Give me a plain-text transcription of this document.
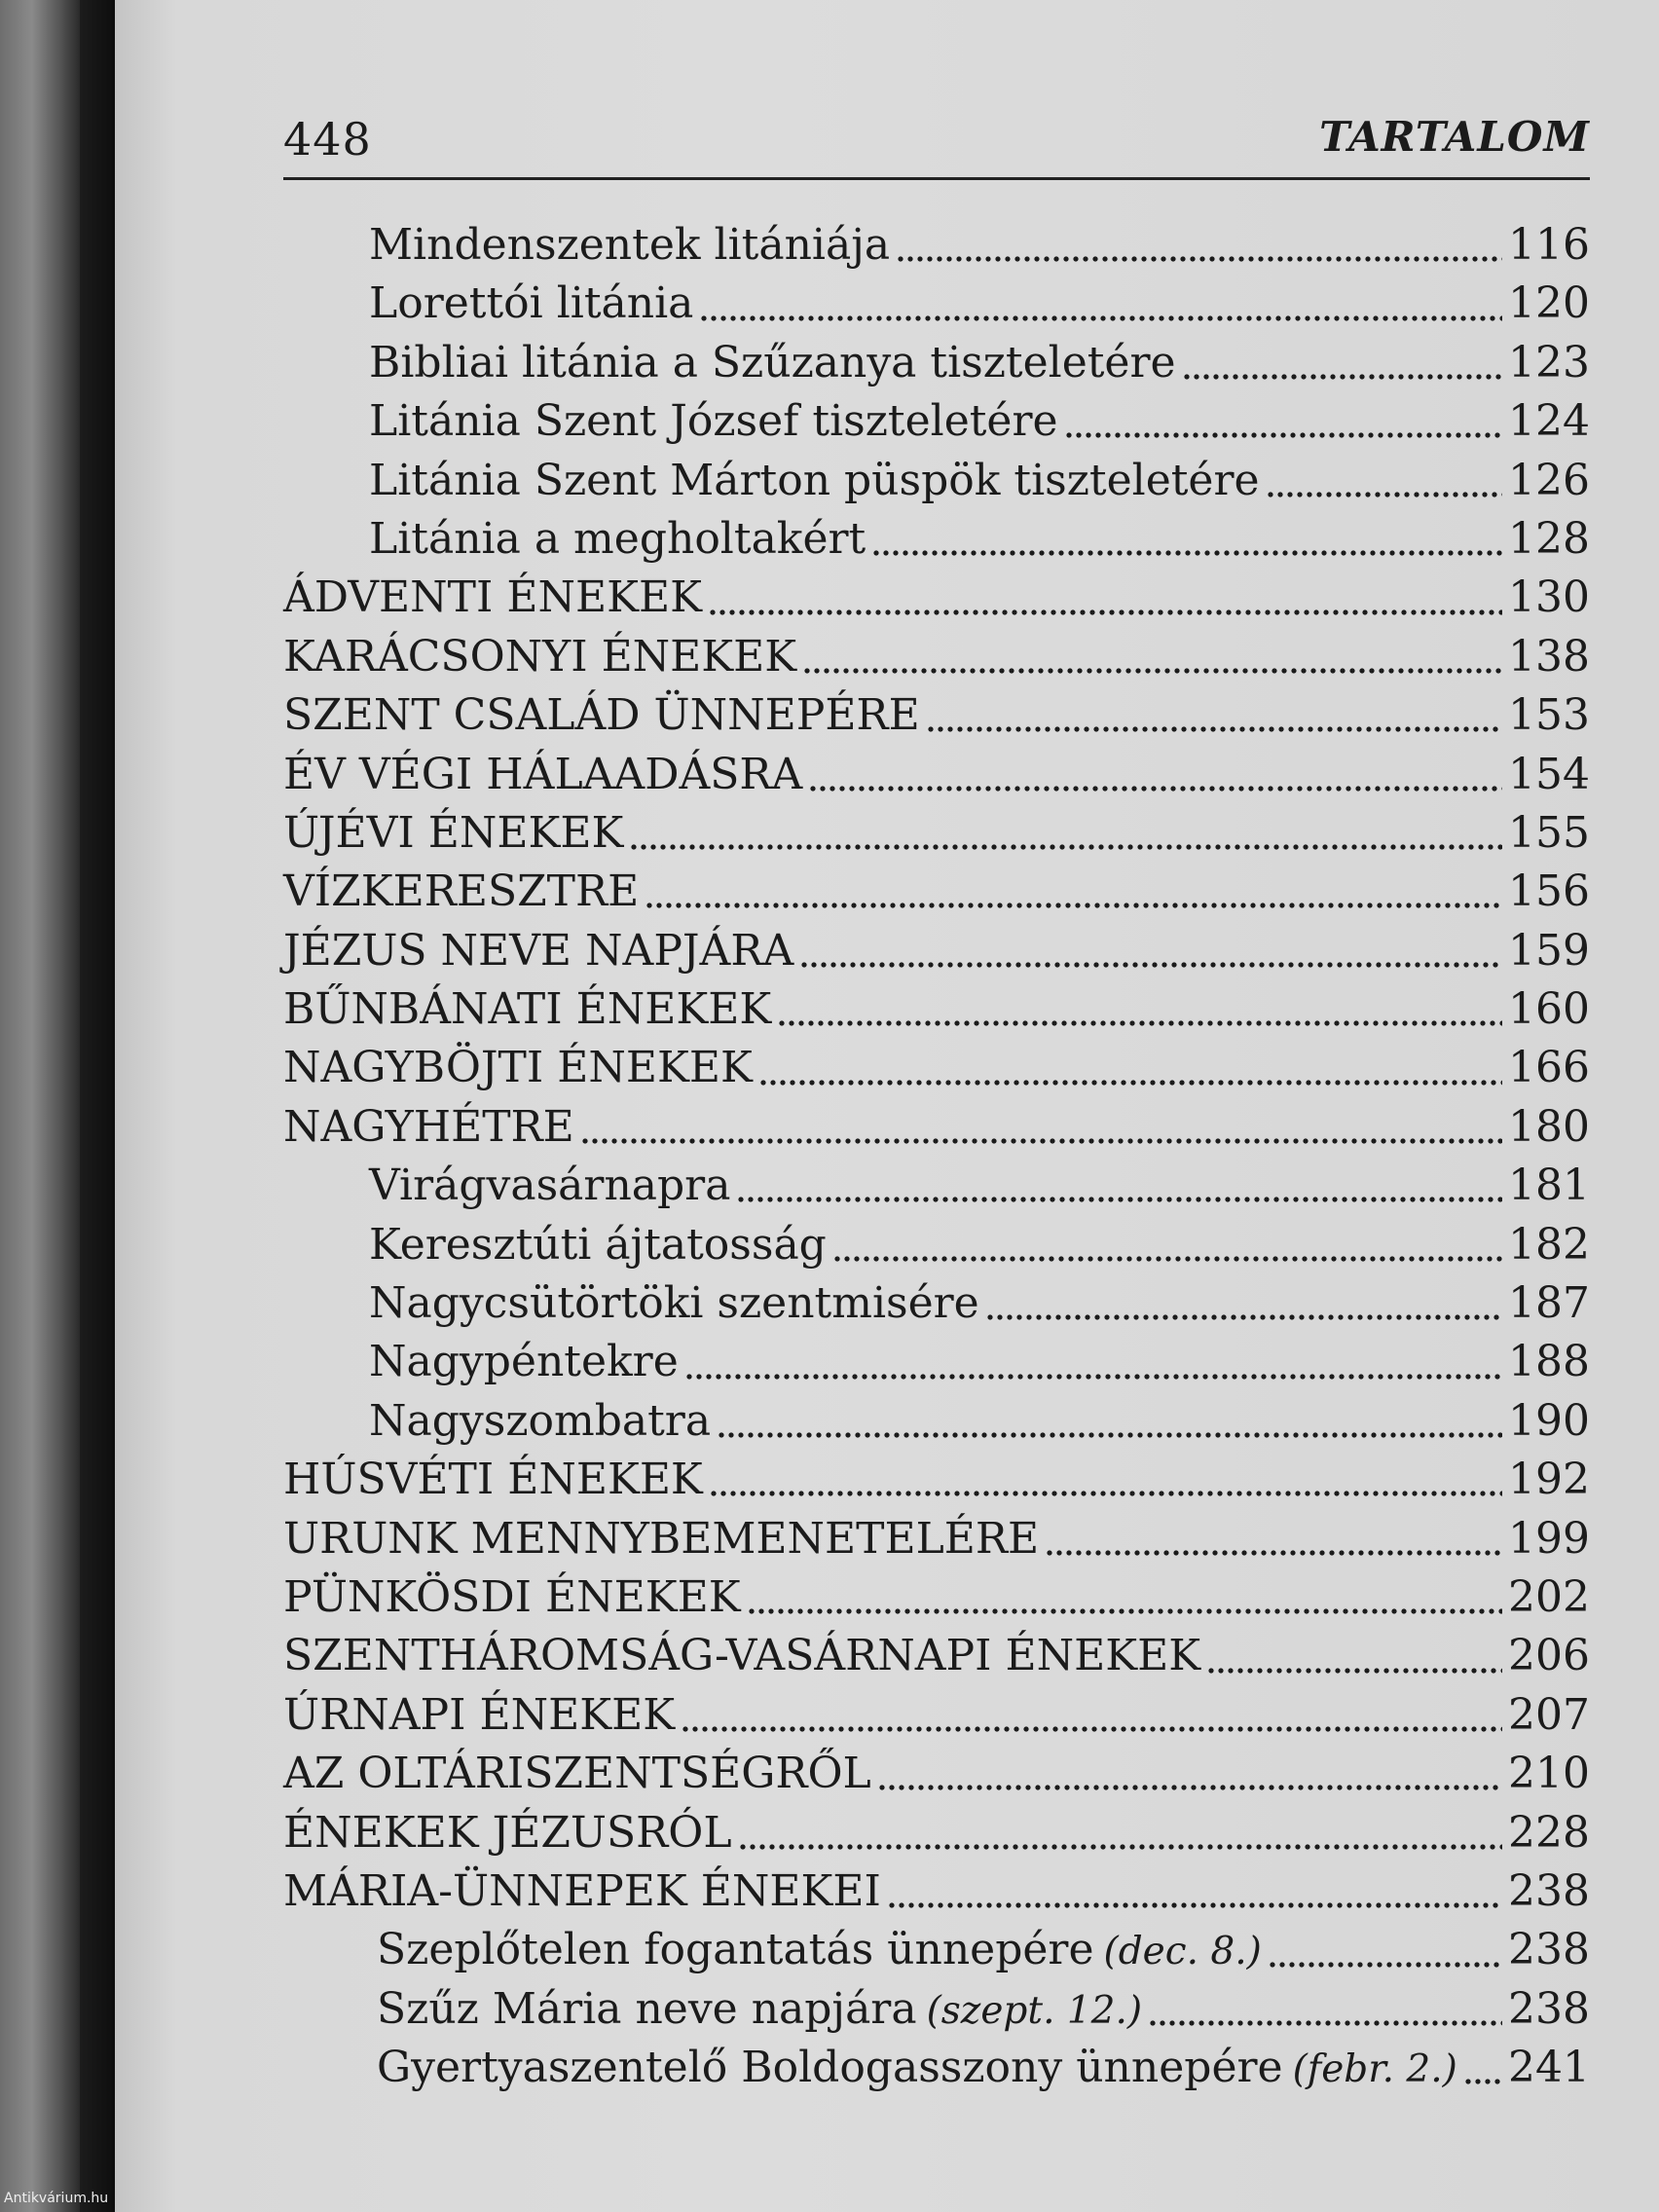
448	TARTALOM
Mindenszentek litániája	116
Lorettói litánia	120
Bibliai litánia a Szűzanya tiszteletére	123
Litánia Szent József tiszteletére	124
Litánia Szent Márton püspök tiszteletére	126
Litánia a megholtakért	128
ÁDVENTI ÉNEKEK	130
KARÁCSONYI ÉNEKEK	138
SZENT CSALÁD ÜNNEPÉRE	153
ÉV VÉGI HÁLAADÁSRA	154
ÚJÉVI ÉNEKEK	155
VÍZKERESZTRE	156
JÉZUS NEVE NAPJÁRA	159
BŰNBÁNATI ÉNEKEK	160
NAGYBÖJTI ÉNEKEK	166
NAGYHÉTRE	180
Virágvasárnapra	181
Keresztúti ájtatosság	182
Nagycsütörtöki szentmisére	187
Nagypéntekre	188
Nagyszombatra	190
HÚSVÉTI ÉNEKEK	192
URUNK MENNYBEMENETELÉRE	199
PÜNKÖSDI ÉNEKEK	202
SZENTHÁROMSÁG-VASÁRNAPI ÉNEKEK	206
ÚRNAPI ÉNEKEK	207
AZ OLTÁRISZENTSÉGRŐL	210
ÉNEKEK JÉZUSRÓL	228
MÁRIA-ÜNNEPEK ÉNEKEI	238
Szeplőtelen fogantatás ünnepére (dec. 8.)	238
Szűz Mária neve napjára (szept. 12.)	238
Gyertyaszentelő Boldogasszony ünnepére (febr. 2.) 241
Antikvárium.hu
